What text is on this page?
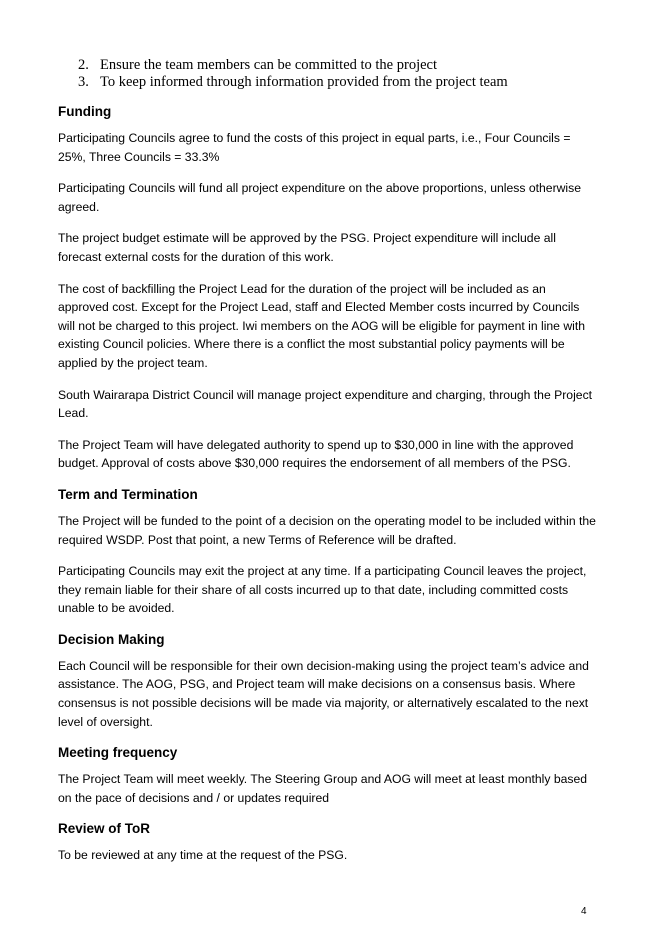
2. Ensure the team members can be committed to the project
3. To keep informed through information provided from the project team
Funding

Participating Councils agree to fund the costs of this project in equal parts, i.e., Four Councils = 25%, Three Councils = 33.3%

Participating Councils will fund all project expenditure on the above proportions, unless otherwise agreed.

The project budget estimate will be approved by the PSG. Project expenditure will include all forecast external costs for the duration of this work.

The cost of backfilling the Project Lead for the duration of the project will be included as an approved cost. Except for the Project Lead, staff and Elected Member costs incurred by Councils will not be charged to this project. Iwi members on the AOG will be eligible for payment in line with existing Council policies. Where there is a conflict the most substantial policy payments will be applied by the project team.

South Wairarapa District Council will manage project expenditure and charging, through the Project Lead.

The Project Team will have delegated authority to spend up to $30,000 in line with the approved budget. Approval of costs above $30,000 requires the endorsement of all members of the PSG.

Term and Termination

The Project will be funded to the point of a decision on the operating model to be included within the required WSDP. Post that point, a new Terms of Reference will be drafted.

Participating Councils may exit the project at any time. If a participating Council leaves the project, they remain liable for their share of all costs incurred up to that date, including committed costs unable to be avoided.

Decision Making

Each Council will be responsible for their own decision-making using the project team’s advice and assistance. The AOG, PSG, and Project team will make decisions on a consensus basis. Where consensus is not possible decisions will be made via majority, or alternatively escalated to the next level of oversight.

Meeting frequency

The Project Team will meet weekly. The Steering Group and AOG will meet at least monthly based on the pace of decisions and / or updates required

Review of ToR

To be reviewed at any time at the request of the PSG.

4
